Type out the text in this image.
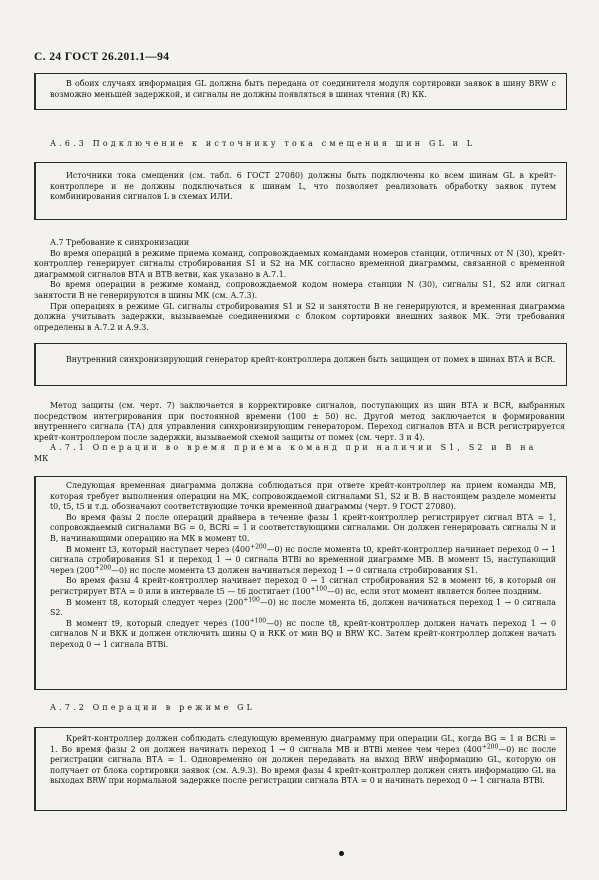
С. 24 ГОСТ 26.201.1—94

В обоих случаях информация GL должна быть передана от соединителя модуля сортировки заявок в шину BRW с возможно меньшей задержкой, и сигналы не должны появляться в шинах чтения (R) КК.

А.6.3 Подключение к источнику тока смещения шин GL и L

Источники тока смещения (см. табл. 6 ГОСТ 27080) должны быть подключены ко всем шинам GL в крейт-контроллере и не должны подключаться к шинам L, что позволяет реализовать обработку заявок путем комбинирования сигналов L в схемах ИЛИ.

А.7 Требование к синхронизации

Во время операций в режиме приема команд, сопровождаемых командами номеров станции, отличных от N (30), крейт-контроллер генерирует сигналы стробирования S1 и S2 на МК согласно временной диаграммы, связанной с временной диаграммой сигналов ВТА и ВТВ ветви, как указано в А.7.1.

Во время операции в режиме команд, сопровождаемой кодом номера станции N (30), сигналы S1, S2 или сигнал занятости В не генерируются в шины МК (см. А.7.3).

При операциях в режиме GL сигналы стробирования S1 и S2 и занятости В не генерируются, и временная диаграмма должна учитывать задержки, вызываемые соединениями с блоком сортировки внешних заявок МК. Эти требования определены в А.7.2 и А.9.3.

Внутренний синхронизирующий генератор крейт-контроллера должен быть защищен от помех в шинах ВТА и BCR.

Метод защиты (см. черт. 7) заключается в корректировке сигналов, поступающих из шин ВТА и BCR, выбранных посредством интегрирования при постоянной времени (100 ± 50) нс. Другой метод заключается в формировании внутреннего сигнала (ТА) для управления синхронизирующим генератором. Переход сигналов ВТА и BCR регистрируется крейт-контроллером после задержки, вызываемой схемой защиты от помех (см. черт. 3 и 4).

А.7.1 Операции во время приема команд при наличии S1, S2 и В на
МК

Следующая временная диаграмма должна соблюдаться при ответе крейт-контроллер на прием команды МВ, которая требует выполнения операции на МК, сопровождаемой сигналами S1, S2 и В. В настоящем разделе моменты t0, t5, t5 и т.д. обозначают соответствующие точки временной диаграммы (черт. 9 ГОСТ 27080).

Во время фазы 2 после операций драйвера в течение фазы 1 крейт-контроллер регистрирует сигнал ВТА = 1, сопровождаемый сигналами BG = 0, BCRi = 1 и соответствующими сигналами. Он должен генерировать сигналы N и В, начинающими операцию на МК в момент t0.

В момент t3, который наступает через $(400^{+200}—0)$ нс после момента t0, крейт-контроллер начинает переход 0 → 1 сигнала стробирования S1 и переход 1 → 0 сигнала ВТВi во временной диаграмме МВ. В момент t5, наступающий через $(200^{+200}—0)$ нс после момента t3 должен начинаться переход 1 → 0 сигнала стробирования S1.

Во время фазы 4 крейт-контроллер начинает переход 0 → 1 сигнал стробирования S2 в момент t6, в который он регистрирует ВТА = 0 или в интервале t5 — t6 достигает $(100^{+100}—0)$ нс, если этот момент является более поздним.

В момент t8, который следует через $(200^{+100}—0)$ нс после момента t6, должен начинаться переход 1 → 0 сигнала S2.

В момент t9, который следует через $(100^{+100}—0)$ нс после t8, крейт-контроллер должен начать переход 1 → 0 сигналов N и ВКК и должен отключить шины Q и RKK от мин BQ и BRW КС. Затем крейт-контроллер должен начать переход 0 → 1 сигнала ВТВi.

А.7.2 Операции в режиме GL

Крейт-контроллер должен соблюдать следующую временную диаграмму при операции GL, когда BG = 1 и BCRi = 1. Во время фазы 2 он должен начинать переход 1 → 0 сигнала МВ и ВТВi менее чем через $(400^{+200}—0)$ нс после регистрации сигнала ВТА = 1. Одновременно он должен передавать на выход BRW информацию GL, которую он получает от блока сортировки заявок (см. А.9.3). Во время фазы 4 крейт-контроллер должен снять информацию GL на выходах BRW при нормальной задержке после регистрации сигнала ВТА = 0 и начинать переход 0 → 1 сигнала ВТВi.
